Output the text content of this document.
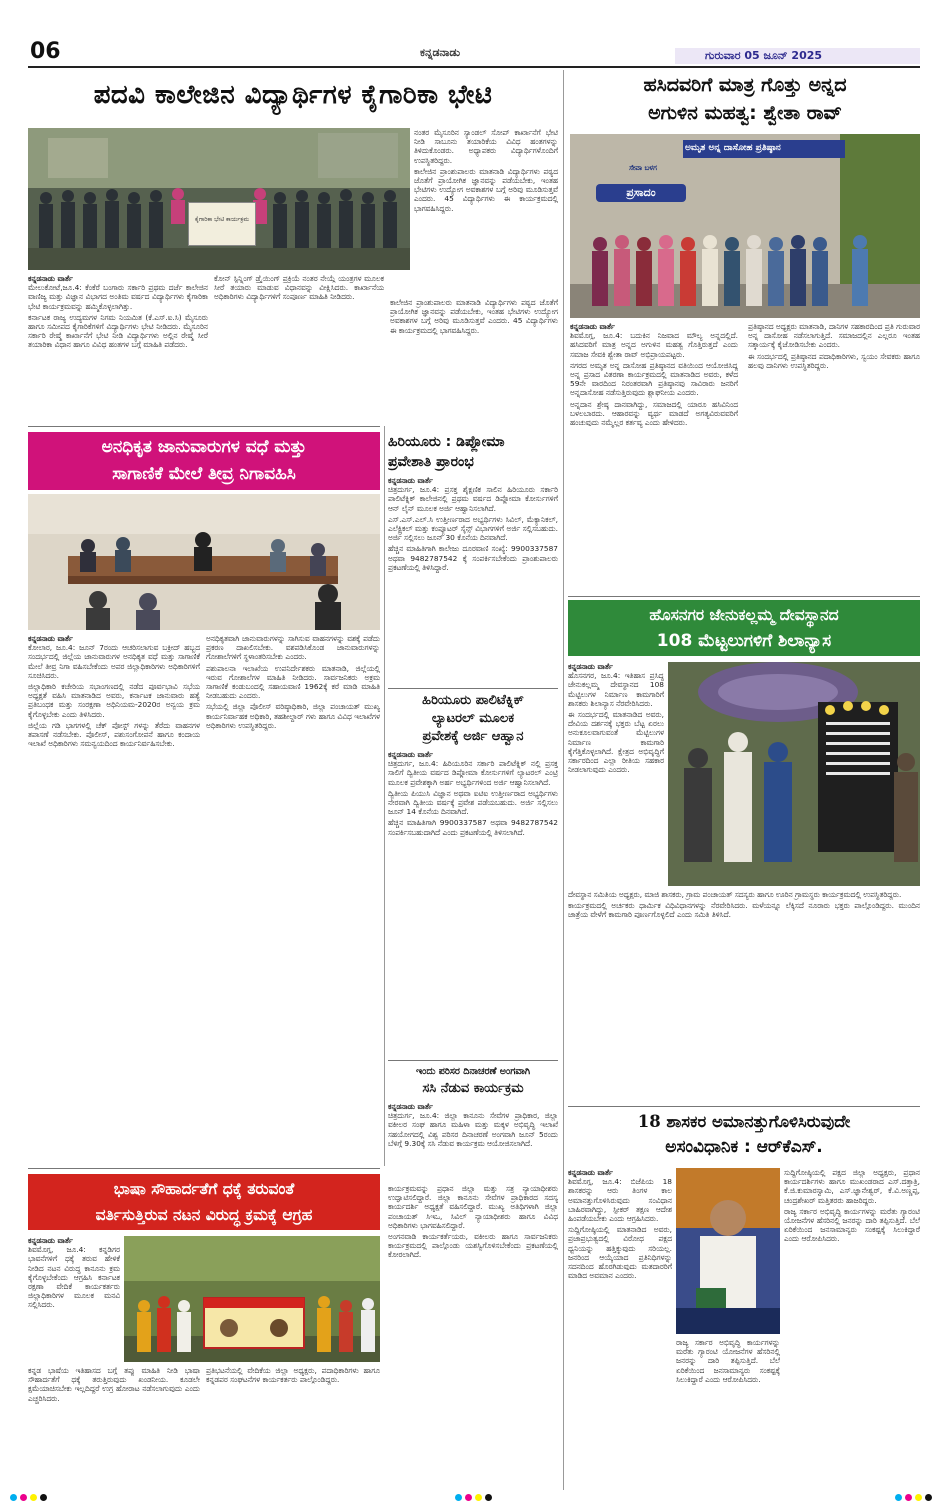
06	ಕನ್ನಡನಾಡು	ಗುರುವಾರ 05 ಜೂನ್ 2025
ಪದವಿ ಕಾಲೇಜಿನ ವಿದ್ಯಾರ್ಥಿಗಳ ಕೈಗಾರಿಕಾ ಭೇಟಿ
ಕೈಗಾರಿಕಾ ಭೇಟಿ ಕಾರ್ಯಕ್ರಮ

ನಂತರ ಮೈಸೂರಿನ ಸ್ಯಾಂಡಲ್ ಸೋಪ್ ಕಾರ್ಖಾನೆಗೆ ಭೇಟಿ ನೀಡಿ ಸಾಬೂನು ತಯಾರಿಕೆಯ ವಿವಿಧ ಹಂತಗಳನ್ನು ತಿಳಿದುಕೊಂಡರು. ಅಧ್ಯಾಪಕರು ವಿದ್ಯಾರ್ಥಿಗಳೊಂದಿಗೆ ಉಪಸ್ಥಿತರಿದ್ದರು.

ಕಾಲೇಜಿನ ಪ್ರಾಂಶುಪಾಲರು ಮಾತನಾಡಿ ವಿದ್ಯಾರ್ಥಿಗಳು ಪಠ್ಯದ ಜೊತೆಗೆ ಪ್ರಾಯೋಗಿಕ ಜ್ಞಾನವನ್ನು ಪಡೆಯಬೇಕು, ಇಂತಹ ಭೇಟಿಗಳು ಉದ್ಯೋಗ ಅವಕಾಶಗಳ ಬಗ್ಗೆ ಅರಿವು ಮೂಡಿಸುತ್ತವೆ ಎಂದರು. 45 ವಿದ್ಯಾರ್ಥಿಗಳು ಈ ಕಾರ್ಯಕ್ರಮದಲ್ಲಿ ಭಾಗವಹಿಸಿದ್ದರು.

ಕನ್ನಡನಾಡು ವಾರ್ತೆ

ಮೇಲುಕೋಟೆ,ಜೂ.4: ಕೆಂಕೆರೆ ಬಂಗಾರು ಸರ್ಕಾರಿ ಪ್ರಥಮ ದರ್ಜೆ ಕಾಲೇಜಿನ ವಾಣಿಜ್ಯ ಮತ್ತು ವಿಜ್ಞಾನ ವಿಭಾಗದ ಅಂತಿಮ ವರ್ಷದ ವಿದ್ಯಾರ್ಥಿಗಳು ಕೈಗಾರಿಕಾ ಭೇಟಿ ಕಾರ್ಯಕ್ರಮವನ್ನು ಹಮ್ಮಿಕೊಳ್ಳಲಾಗಿತ್ತು.

ಕರ್ನಾಟಕ ರಾಜ್ಯ ಉದ್ಯಮಗಳ ನಿಗಮ ನಿಯಮಿತ (ಕೆ.ಎಸ್.ಐ.ಸಿ) ಮೈಸೂರು ಹಾಗೂ ಸಮೀಪದ ಕೈಗಾರಿಕೆಗಳಿಗೆ ವಿದ್ಯಾರ್ಥಿಗಳು ಭೇಟಿ ನೀಡಿದರು. ಮೈಸೂರಿನ ಸರ್ಕಾರಿ ರೇಷ್ಮೆ ಕಾರ್ಖಾನೆಗೆ ಭೇಟಿ ನೀಡಿ ವಿದ್ಯಾರ್ಥಿಗಳು ಅಲ್ಲಿನ ರೇಷ್ಮೆ ಸೀರೆ ತಯಾರಿಕಾ ವಿಧಾನ ಹಾಗೂ ವಿವಿಧ ಹಂತಗಳ ಬಗ್ಗೆ ಮಾಹಿತಿ ಪಡೆದರು.

ಕೋನ್ ಸ್ಪಿನ್ನಿಂಗ್ ಡ್ರೈಯಿಂಗ್ ಪ್ರಕ್ರಿಯೆ ನಂತರ ನೇಯ್ಗೆ ಯಂತ್ರಗಳ ಮೂಲಕ ಸೀರೆ ತಯಾರು ಮಾಡುವ ವಿಧಾನವನ್ನು ವೀಕ್ಷಿಸಿದರು. ಕಾರ್ಖಾನೆಯ ಅಧಿಕಾರಿಗಳು ವಿದ್ಯಾರ್ಥಿಗಳಿಗೆ ಸಂಪೂರ್ಣ ಮಾಹಿತಿ ನೀಡಿದರು.

ಕಾಲೇಜಿನ ಪ್ರಾಂಶುಪಾಲರು ಮಾತನಾಡಿ ವಿದ್ಯಾರ್ಥಿಗಳು ಪಠ್ಯದ ಜೊತೆಗೆ ಪ್ರಾಯೋಗಿಕ ಜ್ಞಾನವನ್ನು ಪಡೆಯಬೇಕು, ಇಂತಹ ಭೇಟಿಗಳು ಉದ್ಯೋಗ ಅವಕಾಶಗಳ ಬಗ್ಗೆ ಅರಿವು ಮೂಡಿಸುತ್ತವೆ ಎಂದರು. 45 ವಿದ್ಯಾರ್ಥಿಗಳು ಈ ಕಾರ್ಯಕ್ರಮದಲ್ಲಿ ಭಾಗವಹಿಸಿದ್ದರು.

ಹಸಿದವರಿಗೆ ಮಾತ್ರ ಗೊತ್ತು ಅನ್ನದ
ಅಗುಳಿನ ಮಹತ್ವ: ಶ್ವೇತಾ ರಾವ್
ಅಮೃತ ಅನ್ನ ದಾಸೋಹ ಪ್ರತಿಷ್ಠಾನ
ಸೇವಾ ಬಳಗ
ಪ್ರಸಾದಂ
ಕನ್ನಡನಾಡು ವಾರ್ತೆ

ಶಿವಮೊಗ್ಗ, ಜೂ.4: ಬದುಕಿನ ನಿಜವಾದ ಮೌಲ್ಯ ಅನ್ನದಲ್ಲಿದೆ. ಹಸಿದವರಿಗೆ ಮಾತ್ರ ಅನ್ನದ ಅಗುಳಿನ ಮಹತ್ವ ಗೊತ್ತಿರುತ್ತದೆ ಎಂದು ಸಮಾಜ ಸೇವಕಿ ಶ್ವೇತಾ ರಾವ್ ಅಭಿಪ್ರಾಯಪಟ್ಟರು.

ನಗರದ ಅಮೃತ ಅನ್ನ ದಾಸೋಹ ಪ್ರತಿಷ್ಠಾನದ ವತಿಯಿಂದ ಆಯೋಜಿಸಿದ್ದ ಅನ್ನ ಪ್ರಸಾದ ವಿತರಣಾ ಕಾರ್ಯಕ್ರಮದಲ್ಲಿ ಮಾತನಾಡಿದ ಅವರು, ಕಳೆದ 59ನೇ ವಾರದಿಂದ ನಿರಂತರವಾಗಿ ಪ್ರತಿಷ್ಠಾನವು ಸಾವಿರಾರು ಜನರಿಗೆ ಅನ್ನದಾಸೋಹ ನಡೆಸುತ್ತಿರುವುದು ಶ್ಲಾಘನೀಯ ಎಂದರು.

ಅನ್ನದಾನ ಶ್ರೇಷ್ಠ ದಾನವಾಗಿದ್ದು, ಸಮಾಜದಲ್ಲಿ ಯಾರೂ ಹಸಿವಿನಿಂದ ಬಳಲಬಾರದು. ಆಹಾರವನ್ನು ವ್ಯರ್ಥ ಮಾಡದೆ ಅಗತ್ಯವಿರುವವರಿಗೆ ಹಂಚುವುದು ನಮ್ಮೆಲ್ಲರ ಕರ್ತವ್ಯ ಎಂದು ಹೇಳಿದರು.

ಪ್ರತಿಷ್ಠಾನದ ಅಧ್ಯಕ್ಷರು ಮಾತನಾಡಿ, ದಾನಿಗಳ ಸಹಕಾರದಿಂದ ಪ್ರತಿ ಗುರುವಾರ ಅನ್ನ ದಾಸೋಹ ನಡೆಸಲಾಗುತ್ತಿದೆ. ಸಮಾಜದಲ್ಲಿನ ಎಲ್ಲರೂ ಇಂತಹ ಸತ್ಕಾರ್ಯಕ್ಕೆ ಕೈಜೋಡಿಸಬೇಕು ಎಂದರು.

ಈ ಸಂದರ್ಭದಲ್ಲಿ ಪ್ರತಿಷ್ಠಾನದ ಪದಾಧಿಕಾರಿಗಳು, ಸ್ವಯಂ ಸೇವಕರು ಹಾಗೂ ಹಲವು ದಾನಿಗಳು ಉಪಸ್ಥಿತರಿದ್ದರು.

ಅನಧಿಕೃತ ಜಾನುವಾರುಗಳ ವಧೆ ಮತ್ತು
ಸಾಗಾಣಿಕೆ ಮೇಲೆ ತೀವ್ರ ನಿಗಾವಹಿಸಿ
ಕನ್ನಡನಾಡು ವಾರ್ತೆ

ಕೋಲಾರ, ಜೂ.4: ಜೂನ್ 7ರಂದು ಆಚರಿಸಲಾಗುವ ಬಕ್ರೀದ್ ಹಬ್ಬದ ಸಂದರ್ಭದಲ್ಲಿ ಜಿಲ್ಲೆಯ ಜಾನುವಾರುಗಳ ಅನಧಿಕೃತ ವಧೆ ಮತ್ತು ಸಾಗಾಣಿಕೆ ಮೇಲೆ ತೀವ್ರ ನಿಗಾ ವಹಿಸಬೇಕೆಂದು ಅಪರ ಜಿಲ್ಲಾಧಿಕಾರಿಗಳು ಅಧಿಕಾರಿಗಳಿಗೆ ಸೂಚಿಸಿದರು.

ಜಿಲ್ಲಾಧಿಕಾರಿ ಕಚೇರಿಯ ಸಭಾಂಗಣದಲ್ಲಿ ನಡೆದ ಪೂರ್ವಭಾವಿ ಸಭೆಯ ಅಧ್ಯಕ್ಷತೆ ವಹಿಸಿ ಮಾತನಾಡಿದ ಅವರು, ಕರ್ನಾಟಕ ಜಾನುವಾರು ಹತ್ಯೆ ಪ್ರತಿಬಂಧಕ ಮತ್ತು ಸಂರಕ್ಷಣಾ ಅಧಿನಿಯಮ-2020ರ ಅನ್ವಯ ಕ್ರಮ ಕೈಗೊಳ್ಳಬೇಕು ಎಂದು ತಿಳಿಸಿದರು.

ಜಿಲ್ಲೆಯ ಗಡಿ ಭಾಗಗಳಲ್ಲಿ ಚೆಕ್ ಪೋಸ್ಟ್ ಗಳನ್ನು ತೆರೆದು ವಾಹನಗಳ ತಪಾಸಣೆ ನಡೆಸಬೇಕು. ಪೊಲೀಸ್, ಪಶುಸಂಗೋಪನೆ ಹಾಗೂ ಕಂದಾಯ ಇಲಾಖೆ ಅಧಿಕಾರಿಗಳು ಸಮನ್ವಯದಿಂದ ಕಾರ್ಯನಿರ್ವಹಿಸಬೇಕು.

ಅನಧಿಕೃತವಾಗಿ ಜಾನುವಾರುಗಳನ್ನು ಸಾಗಿಸುವ ವಾಹನಗಳನ್ನು ವಶಕ್ಕೆ ಪಡೆದು ಪ್ರಕರಣ ದಾಖಲಿಸಬೇಕು. ವಶಪಡಿಸಿಕೊಂಡ ಜಾನುವಾರುಗಳನ್ನು ಗೋಶಾಲೆಗಳಿಗೆ ಸ್ಥಳಾಂತರಿಸಬೇಕು ಎಂದರು.

ಪಶುಪಾಲನಾ ಇಲಾಖೆಯ ಉಪನಿರ್ದೇಶಕರು ಮಾತನಾಡಿ, ಜಿಲ್ಲೆಯಲ್ಲಿ ಇರುವ ಗೋಶಾಲೆಗಳ ಮಾಹಿತಿ ನೀಡಿದರು. ಸಾರ್ವಜನಿಕರು ಅಕ್ರಮ ಸಾಗಾಣಿಕೆ ಕಂಡುಬಂದಲ್ಲಿ ಸಹಾಯವಾಣಿ 1962ಕ್ಕೆ ಕರೆ ಮಾಡಿ ಮಾಹಿತಿ ನೀಡಬಹುದು ಎಂದರು.

ಸಭೆಯಲ್ಲಿ ಜಿಲ್ಲಾ ಪೊಲೀಸ್ ವರಿಷ್ಠಾಧಿಕಾರಿ, ಜಿಲ್ಲಾ ಪಂಚಾಯತ್ ಮುಖ್ಯ ಕಾರ್ಯನಿರ್ವಾಹಕ ಅಧಿಕಾರಿ, ತಹಶೀಲ್ದಾರ್ ಗಳು ಹಾಗೂ ವಿವಿಧ ಇಲಾಖೆಗಳ ಅಧಿಕಾರಿಗಳು ಉಪಸ್ಥಿತರಿದ್ದರು.

ಹಿರಿಯೂರು : ಡಿಪ್ಲೋಮಾ
ಪ್ರವೇಶಾತಿ ಪ್ರಾರಂಭ
ಕನ್ನಡನಾಡು ವಾರ್ತೆ

ಚಿತ್ರದುರ್ಗ, ಜೂ.4: ಪ್ರಸಕ್ತ ಶೈಕ್ಷಣಿಕ ಸಾಲಿನ ಹಿರಿಯೂರು ಸರ್ಕಾರಿ ಪಾಲಿಟೆಕ್ನಿಕ್ ಕಾಲೇಜಿನಲ್ಲಿ ಪ್ರಥಮ ವರ್ಷದ ಡಿಪ್ಲೋಮಾ ಕೋರ್ಸುಗಳಿಗೆ ಆನ್ ಲೈನ್ ಮೂಲಕ ಅರ್ಜಿ ಆಹ್ವಾನಿಸಲಾಗಿದೆ.

ಎಸ್.ಎಸ್.ಎಲ್.ಸಿ ಉತ್ತೀರ್ಣರಾದ ಅಭ್ಯರ್ಥಿಗಳು ಸಿವಿಲ್, ಮೆಕ್ಯಾನಿಕಲ್, ಎಲೆಕ್ಟ್ರಿಕಲ್ ಮತ್ತು ಕಂಪ್ಯೂಟರ್ ಸೈನ್ಸ್ ವಿಭಾಗಗಳಿಗೆ ಅರ್ಜಿ ಸಲ್ಲಿಸಬಹುದು. ಅರ್ಜಿ ಸಲ್ಲಿಸಲು ಜೂನ್ 30 ಕೊನೆಯ ದಿನವಾಗಿದೆ.

ಹೆಚ್ಚಿನ ಮಾಹಿತಿಗಾಗಿ ಕಾಲೇಜು ದೂರವಾಣಿ ಸಂಖ್ಯೆ: 9900337587 ಅಥವಾ 9482787542 ಕ್ಕೆ ಸಂಪರ್ಕಿಸಬೇಕೆಂದು ಪ್ರಾಂಶುಪಾಲರು ಪ್ರಕಟಣೆಯಲ್ಲಿ ತಿಳಿಸಿದ್ದಾರೆ.

ಹಿರಿಯೂರು ಪಾಲಿಟೆಕ್ನಿಕ್
ಲ್ಯಾಟರಲ್ ಮೂಲಕ
ಪ್ರವೇಶಕ್ಕೆ ಅರ್ಜಿ ಆಹ್ವಾನ
ಕನ್ನಡನಾಡು ವಾರ್ತೆ

ಚಿತ್ರದುರ್ಗ, ಜೂ.4: ಹಿರಿಯೂರಿನ ಸರ್ಕಾರಿ ಪಾಲಿಟೆಕ್ನಿಕ್ ನಲ್ಲಿ ಪ್ರಸಕ್ತ ಸಾಲಿಗೆ ದ್ವಿತೀಯ ವರ್ಷದ ಡಿಪ್ಲೋಮಾ ಕೋರ್ಸುಗಳಿಗೆ ಲ್ಯಾಟರಲ್ ಎಂಟ್ರಿ ಮೂಲಕ ಪ್ರವೇಶಕ್ಕಾಗಿ ಅರ್ಹ ಅಭ್ಯರ್ಥಿಗಳಿಂದ ಅರ್ಜಿ ಆಹ್ವಾನಿಸಲಾಗಿದೆ.

ದ್ವಿತೀಯ ಪಿಯುಸಿ ವಿಜ್ಞಾನ ಅಥವಾ ಐಟಿಐ ಉತ್ತೀರ್ಣರಾದ ಅಭ್ಯರ್ಥಿಗಳು ನೇರವಾಗಿ ದ್ವಿತೀಯ ವರ್ಷಕ್ಕೆ ಪ್ರವೇಶ ಪಡೆಯಬಹುದು. ಅರ್ಜಿ ಸಲ್ಲಿಸಲು ಜೂನ್ 14 ಕೊನೆಯ ದಿನವಾಗಿದೆ.

ಹೆಚ್ಚಿನ ಮಾಹಿತಿಗಾಗಿ 9900337587 ಅಥವಾ 9482787542 ಸಂಪರ್ಕಿಸಬಹುದಾಗಿದೆ ಎಂದು ಪ್ರಕಟಣೆಯಲ್ಲಿ ತಿಳಿಸಲಾಗಿದೆ.

ಇಂದು ಪರಿಸರ ದಿನಾಚರಣೆ ಅಂಗವಾಗಿ
ಸಸಿ ನೆಡುವ ಕಾರ್ಯಕ್ರಮ
ಕನ್ನಡನಾಡು ವಾರ್ತೆ

ಚಿತ್ರದುರ್ಗ, ಜೂ.4: ಜಿಲ್ಲಾ ಕಾನೂನು ಸೇವೆಗಳ ಪ್ರಾಧಿಕಾರ, ಜಿಲ್ಲಾ ವಕೀಲರ ಸಂಘ ಹಾಗೂ ಮಹಿಳಾ ಮತ್ತು ಮಕ್ಕಳ ಅಭಿವೃದ್ಧಿ ಇಲಾಖೆ ಸಹಯೋಗದಲ್ಲಿ ವಿಶ್ವ ಪರಿಸರ ದಿನಾಚರಣೆ ಅಂಗವಾಗಿ ಜೂನ್ 5ರಂದು ಬೆಳಿಗ್ಗೆ 9.30ಕ್ಕೆ ಸಸಿ ನೆಡುವ ಕಾರ್ಯಕ್ರಮ ಆಯೋಜಿಸಲಾಗಿದೆ.

ಕಾರ್ಯಕ್ರಮವನ್ನು ಪ್ರಧಾನ ಜಿಲ್ಲಾ ಮತ್ತು ಸತ್ರ ನ್ಯಾಯಾಧೀಶರು ಉದ್ಘಾಟಿಸಲಿದ್ದಾರೆ. ಜಿಲ್ಲಾ ಕಾನೂನು ಸೇವೆಗಳ ಪ್ರಾಧಿಕಾರದ ಸದಸ್ಯ ಕಾರ್ಯದರ್ಶಿ ಅಧ್ಯಕ್ಷತೆ ವಹಿಸಲಿದ್ದಾರೆ. ಮುಖ್ಯ ಅತಿಥಿಗಳಾಗಿ ಜಿಲ್ಲಾ ಪಂಚಾಯತ್ ಸಿಇಒ, ಸಿವಿಲ್ ನ್ಯಾಯಾಧೀಶರು ಹಾಗೂ ವಿವಿಧ ಅಧಿಕಾರಿಗಳು ಭಾಗವಹಿಸಲಿದ್ದಾರೆ.

ಅಂಗನವಾಡಿ ಕಾರ್ಯಕರ್ತೆಯರು, ವಕೀಲರು ಹಾಗೂ ಸಾರ್ವಜನಿಕರು ಕಾರ್ಯಕ್ರಮದಲ್ಲಿ ಪಾಲ್ಗೊಂಡು ಯಶಸ್ವಿಗೊಳಿಸಬೇಕೆಂದು ಪ್ರಕಟಣೆಯಲ್ಲಿ ಕೋರಲಾಗಿದೆ.

ಭಾಷಾ ಸೌಹಾರ್ದತೆಗೆ ಧಕ್ಕೆ ತರುವಂತೆ
ವರ್ತಿಸುತ್ತಿರುವ ನಟನ ವಿರುದ್ಧ ಕ್ರಮಕ್ಕೆ ಆಗ್ರಹ
ಕನ್ನಡನಾಡು ವಾರ್ತೆ

ಶಿವಮೊಗ್ಗ, ಜೂ.4: ಕನ್ನಡಿಗರ ಭಾವನೆಗಳಿಗೆ ಧಕ್ಕೆ ತರುವ ಹೇಳಿಕೆ ನೀಡಿದ ನಟನ ವಿರುದ್ಧ ಕಾನೂನು ಕ್ರಮ ಕೈಗೊಳ್ಳಬೇಕೆಂದು ಆಗ್ರಹಿಸಿ ಕರ್ನಾಟಕ ರಕ್ಷಣಾ ವೇದಿಕೆ ಕಾರ್ಯಕರ್ತರು ಜಿಲ್ಲಾಧಿಕಾರಿಗಳ ಮೂಲಕ ಮನವಿ ಸಲ್ಲಿಸಿದರು.

ಕನ್ನಡ ಭಾಷೆಯ ಇತಿಹಾಸದ ಬಗ್ಗೆ ತಪ್ಪು ಮಾಹಿತಿ ನೀಡಿ ಭಾಷಾ ಸೌಹಾರ್ದತೆಗೆ ಧಕ್ಕೆ ತರುತ್ತಿರುವುದು ಖಂಡನೀಯ. ಕೂಡಲೇ ಕ್ಷಮೆಯಾಚಿಸಬೇಕು ಇಲ್ಲದಿದ್ದರೆ ಉಗ್ರ ಹೋರಾಟ ನಡೆಸಲಾಗುವುದು ಎಂದು ಎಚ್ಚರಿಸಿದರು.

ಪ್ರತಿಭಟನೆಯಲ್ಲಿ ವೇದಿಕೆಯ ಜಿಲ್ಲಾ ಅಧ್ಯಕ್ಷರು, ಪದಾಧಿಕಾರಿಗಳು ಹಾಗೂ ಕನ್ನಡಪರ ಸಂಘಟನೆಗಳ ಕಾರ್ಯಕರ್ತರು ಪಾಲ್ಗೊಂಡಿದ್ದರು.

ಹೊಸನಗರ ಜೇನುಕಲ್ಲಮ್ಮ ದೇವಸ್ಥಾನದ
108 ಮೆಟ್ಟಲುಗಳಿಗೆ ಶಿಲಾನ್ಯಾಸ
ಕನ್ನಡನಾಡು ವಾರ್ತೆ

ಹೊಸನಗರ, ಜೂ.4: ಇತಿಹಾಸ ಪ್ರಸಿದ್ಧ ಜೇನುಕಲ್ಲಮ್ಮ ದೇವಸ್ಥಾನದ 108 ಮೆಟ್ಟಿಲುಗಳ ನಿರ್ಮಾಣ ಕಾಮಗಾರಿಗೆ ಶಾಸಕರು ಶಿಲಾನ್ಯಾಸ ನೆರವೇರಿಸಿದರು.

ಈ ಸಂದರ್ಭದಲ್ಲಿ ಮಾತನಾಡಿದ ಅವರು, ದೇವಿಯ ದರ್ಶನಕ್ಕೆ ಭಕ್ತರು ಬೆಟ್ಟ ಏರಲು ಅನುಕೂಲವಾಗುವಂತೆ ಮೆಟ್ಟಿಲುಗಳ ನಿರ್ಮಾಣ ಕಾಮಗಾರಿ ಕೈಗೆತ್ತಿಕೊಳ್ಳಲಾಗಿದೆ. ಕ್ಷೇತ್ರದ ಅಭಿವೃದ್ಧಿಗೆ ಸರ್ಕಾರದಿಂದ ಎಲ್ಲಾ ರೀತಿಯ ಸಹಕಾರ ನೀಡಲಾಗುವುದು ಎಂದರು.

ದೇವಸ್ಥಾನ ಸಮಿತಿಯ ಅಧ್ಯಕ್ಷರು, ಮಾಜಿ ಶಾಸಕರು, ಗ್ರಾಮ ಪಂಚಾಯತ್ ಸದಸ್ಯರು ಹಾಗೂ ಊರಿನ ಗ್ರಾಮಸ್ಥರು ಕಾರ್ಯಕ್ರಮದಲ್ಲಿ ಉಪಸ್ಥಿತರಿದ್ದರು.

ಕಾರ್ಯಕ್ರಮದಲ್ಲಿ ಅರ್ಚಕರು ಧಾರ್ಮಿಕ ವಿಧಿವಿಧಾನಗಳನ್ನು ನೆರವೇರಿಸಿದರು. ಮಳೆಯನ್ನೂ ಲೆಕ್ಕಿಸದೆ ನೂರಾರು ಭಕ್ತರು ಪಾಲ್ಗೊಂಡಿದ್ದರು. ಮುಂದಿನ ಜಾತ್ರೆಯ ವೇಳೆಗೆ ಕಾಮಗಾರಿ ಪೂರ್ಣಗೊಳ್ಳಲಿದೆ ಎಂದು ಸಮಿತಿ ತಿಳಿಸಿದೆ.

18 ಶಾಸಕರ ಅಮಾನತ್ತುಗೊಳಿಸಿರುವುದೇ
ಅಸಂವಿಧಾನಿಕ : ಆರ್‌ಕೆಎಸ್.
ಕನ್ನಡನಾಡು ವಾರ್ತೆ

ಶಿವಮೊಗ್ಗ, ಜೂ.4: ಬಿಜೆಪಿಯ 18 ಶಾಸಕರನ್ನು ಆರು ತಿಂಗಳ ಕಾಲ ಅಮಾನತ್ತುಗೊಳಿಸಿರುವುದು ಸಂವಿಧಾನ ಬಾಹಿರವಾಗಿದ್ದು, ಸ್ಪೀಕರ್ ತಕ್ಷಣ ಆದೇಶ ಹಿಂಪಡೆಯಬೇಕು ಎಂದು ಆಗ್ರಹಿಸಿದರು.

ಸುದ್ದಿಗೋಷ್ಠಿಯಲ್ಲಿ ಮಾತನಾಡಿದ ಅವರು, ಪ್ರಜಾಪ್ರಭುತ್ವದಲ್ಲಿ ವಿರೋಧ ಪಕ್ಷದ ಧ್ವನಿಯನ್ನು ಹತ್ತಿಕ್ಕುವುದು ಸರಿಯಲ್ಲ. ಜನರಿಂದ ಆಯ್ಕೆಯಾದ ಪ್ರತಿನಿಧಿಗಳನ್ನು ಸದನದಿಂದ ಹೊರಗಿಡುವುದು ಮತದಾರರಿಗೆ ಮಾಡಿದ ಅವಮಾನ ಎಂದರು.

ರಾಜ್ಯ ಸರ್ಕಾರ ಅಭಿವೃದ್ಧಿ ಕಾರ್ಯಗಳನ್ನು ಮರೆತು ಗ್ಯಾರಂಟಿ ಯೋಜನೆಗಳ ಹೆಸರಿನಲ್ಲಿ ಜನರನ್ನು ದಾರಿ ತಪ್ಪಿಸುತ್ತಿದೆ. ಬೆಲೆ ಏರಿಕೆಯಿಂದ ಜನಸಾಮಾನ್ಯರು ಸಂಕಷ್ಟಕ್ಕೆ ಸಿಲುಕಿದ್ದಾರೆ ಎಂದು ಆರೋಪಿಸಿದರು.

ಸುದ್ದಿಗೋಷ್ಠಿಯಲ್ಲಿ ಪಕ್ಷದ ಜಿಲ್ಲಾ ಅಧ್ಯಕ್ಷರು, ಪ್ರಧಾನ ಕಾರ್ಯದರ್ಶಿಗಳು ಹಾಗೂ ಮುಖಂಡರಾದ ಎಸ್.ದತ್ತಾತ್ರಿ, ಕೆ.ಜಿ.ಕುಮಾರಸ್ವಾಮಿ, ಎಸ್.ಜ್ಞಾನೇಶ್ವರ್, ಕೆ.ವಿ.ಅಣ್ಣಪ್ಪ, ಚಂದ್ರಶೇಖರ್ ಮತ್ತಿತರರು ಹಾಜರಿದ್ದರು.

ರಾಜ್ಯ ಸರ್ಕಾರ ಅಭಿವೃದ್ಧಿ ಕಾರ್ಯಗಳನ್ನು ಮರೆತು ಗ್ಯಾರಂಟಿ ಯೋಜನೆಗಳ ಹೆಸರಿನಲ್ಲಿ ಜನರನ್ನು ದಾರಿ ತಪ್ಪಿಸುತ್ತಿದೆ. ಬೆಲೆ ಏರಿಕೆಯಿಂದ ಜನಸಾಮಾನ್ಯರು ಸಂಕಷ್ಟಕ್ಕೆ ಸಿಲುಕಿದ್ದಾರೆ ಎಂದು ಆರೋಪಿಸಿದರು.
